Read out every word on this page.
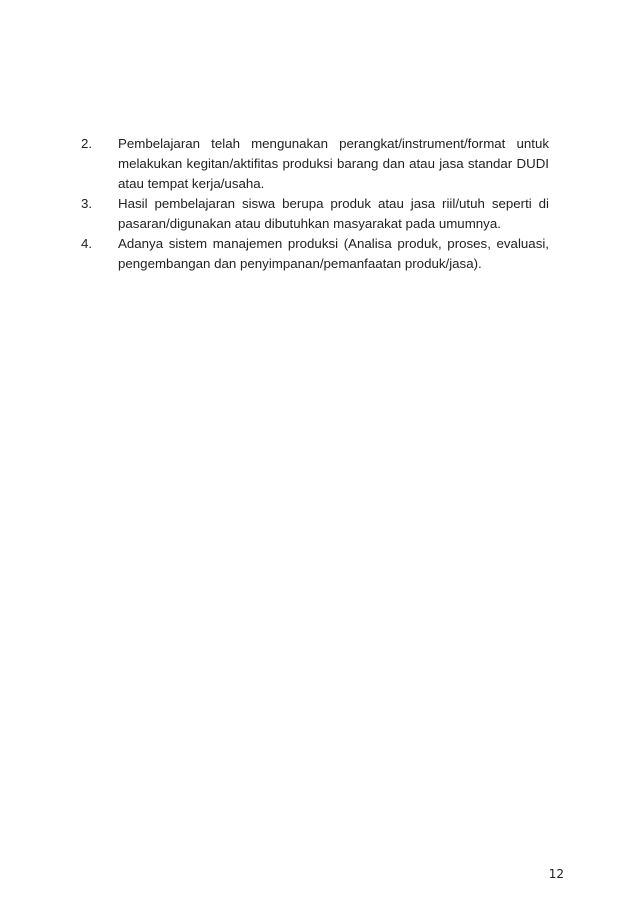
2.	Pembelajaran telah mengunakan perangkat/instrument/format untuk melakukan kegitan/aktifitas produksi barang dan atau jasa standar DUDI atau tempat kerja/usaha.
3.	Hasil pembelajaran siswa berupa produk atau jasa riil/utuh seperti di pasaran/digunakan atau dibutuhkan masyarakat pada umumnya.
4.	Adanya sistem manajemen produksi (Analisa produk, proses, evaluasi, pengembangan dan penyimpanan/pemanfaatan produk/jasa).
12
